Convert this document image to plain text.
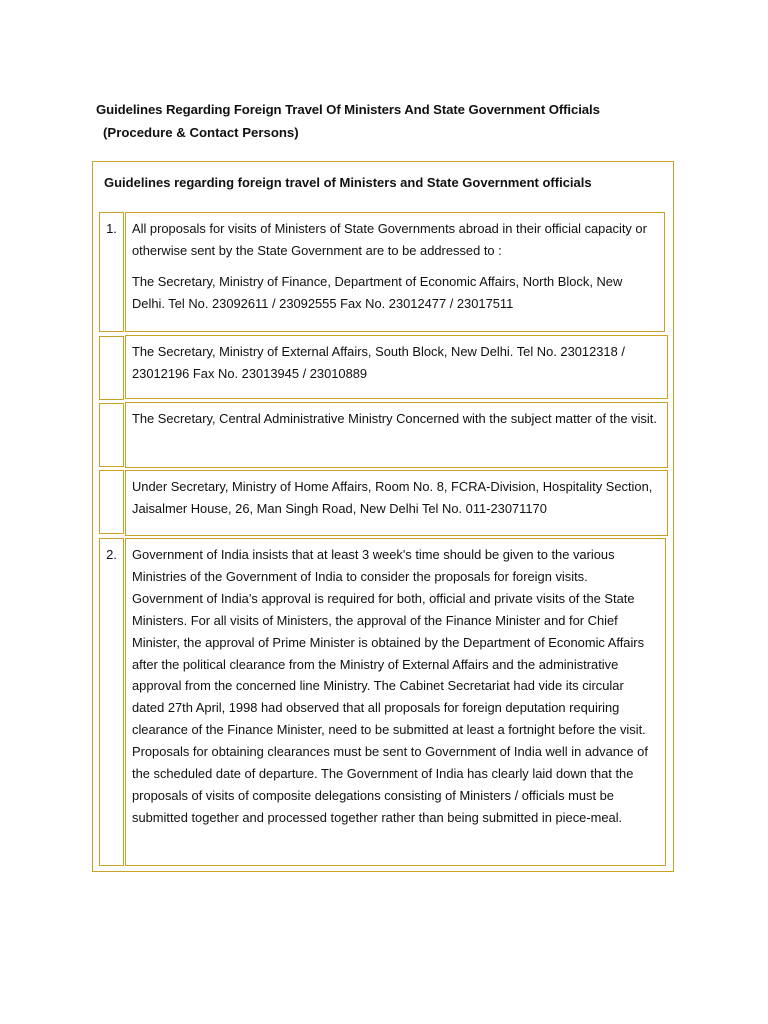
Guidelines Regarding Foreign Travel Of Ministers And State Government Officials
(Procedure & Contact Persons)
Guidelines regarding foreign travel of Ministers and State Government officials
1.	All proposals for visits of Ministers of State Governments abroad in their official capacity or otherwise sent by the State Government are to be addressed to :

The Secretary, Ministry of Finance, Department of Economic Affairs, North Block, New Delhi. Tel No. 23092611 / 23092555 Fax No. 23012477 / 23017511

The Secretary, Ministry of External Affairs, South Block, New Delhi. Tel No. 23012318 / 23012196 Fax No. 23013945 / 23010889

The Secretary, Central Administrative Ministry Concerned with the subject matter of the visit.

Under Secretary, Ministry of Home Affairs, Room No. 8, FCRA-Division, Hospitality Section, Jaisalmer House, 26, Man Singh Road, New Delhi Tel No. 011-23071170

2.	Government of India insists that at least 3 week's time should be given to the various Ministries of the Government of India to consider the proposals for foreign visits. Government of India’s approval is required for both, official and private visits of the State Ministers. For all visits of Ministers, the approval of the Finance Minister and for Chief Minister, the approval of Prime Minister is obtained by the Department of Economic Affairs after the political clearance from the Ministry of External Affairs and the administrative approval from the concerned line Ministry. The Cabinet Secretariat had vide its circular dated 27th April, 1998 had observed that all proposals for foreign deputation requiring clearance of the Finance Minister, need to be submitted at least a fortnight before the visit. Proposals for obtaining clearances must be sent to Government of India well in advance of the scheduled date of departure. The Government of India has clearly laid down that the proposals of visits of composite delegations consisting of Ministers / officials must be submitted together and processed together rather than being submitted in piece-meal.
